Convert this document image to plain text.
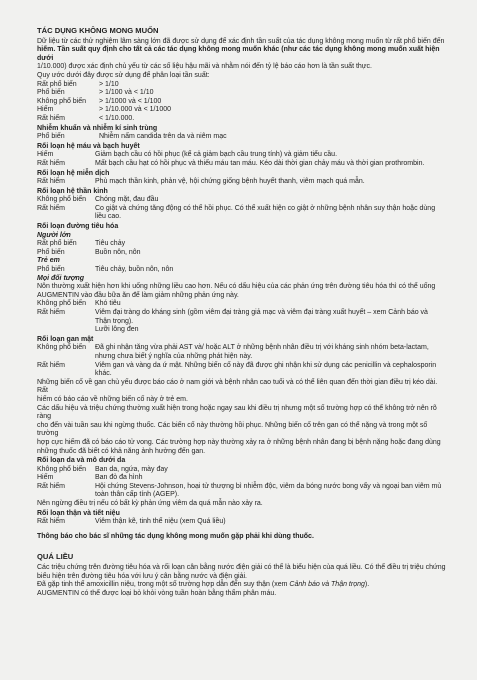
TÁC DỤNG KHÔNG MONG MUỐN
Dữ liệu từ các thử nghiệm lâm sàng lớn đã được sử dụng để xác định tần suất của tác dụng không mong muốn từ rất phổ biến đến
hiếm. Tần suất quy định cho tất cả các tác dụng không mong muốn khác (như các tác dụng không mong muốn xuất hiện dưới
1/10.000) được xác định chủ yếu từ các số liệu hậu mãi và nhằm nói đến tỷ lệ báo cáo hơn là tần suất thực.
Quy ước dưới đây được sử dụng để phân loại tần suất:
Rất phổ biến	> 1/10
Phổ biến	> 1/100 và < 1/10
Không phổ biến	> 1/1000 và < 1/100
Hiếm	> 1/10.000 và < 1/1000
Rất hiếm	< 1/10.000.
Nhiễm khuẩn và nhiễm kí sinh trùng
Phổ biến	Nhiễm nấm candida trên da và niêm mạc
Rối loạn hệ máu và bạch huyết
Hiếm	Giảm bạch cầu có hồi phục (kể cả giảm bạch cầu trung tính) và giảm tiểu cầu.
Rất hiếm	Mất bạch cầu hạt có hồi phục và thiếu máu tan máu. Kéo dài thời gian chảy máu và thời gian prothrombin.
Rối loạn hệ miễn dịch
Rất hiếm	Phù mạch thần kinh, phản vệ, hội chứng giống bệnh huyết thanh, viêm mạch quá mẫn.
Rối loạn hệ thần kinh
Không phổ biến	Chóng mặt, đau đầu
Rất hiếm	Co giật và chứng tăng động có thể hồi phục. Có thể xuất hiện co giật ở những bệnh nhân suy thận hoặc dùng
liều cao.
Rối loạn đường tiêu hóa
Người lớn
Rất phổ biến	Tiêu chảy
Phổ biến	Buồn nôn, nôn
Trẻ em
Phổ biến	Tiêu chảy, buồn nôn, nôn
Mọi đối tượng
Nôn thường xuất hiện hơn khi uống những liều cao hơn. Nếu có dấu hiệu của các phản ứng trên đường tiêu hóa thì có thể uống
AUGMENTIN vào đầu bữa ăn để làm giảm những phản ứng này.
Không phổ biến	Khó tiêu
Rất hiếm	Viêm đại tràng do kháng sinh (gồm viêm đại tràng giả mạc và viêm đại tràng xuất huyết – xem Cảnh báo và
Thận trọng).
Lưỡi lông đen
Rối loạn gan mật
Không phổ biến	Đã ghi nhận tăng vừa phải AST và/ hoặc ALT ở những bệnh nhân điều trị với kháng sinh nhóm beta-lactam,
nhưng chưa biết ý nghĩa của những phát hiện này.
Rất hiếm	Viêm gan và vàng da ứ mật. Những biến cố này đã được ghi nhận khi sử dụng các penicillin và cephalosporin
khác.
Những biến cố về gan chủ yếu được báo cáo ở nam giới và bệnh nhân cao tuổi và có thể liên quan đến thời gian điều trị kéo dài. Rất
hiếm có báo cáo về những biến cố này ở trẻ em.
Các dấu hiệu và triệu chứng thường xuất hiện trong hoặc ngay sau khi điều trị nhưng một số trường hợp có thể không trở nên rõ ràng
cho đến vài tuần sau khi ngừng thuốc. Các biến cố này thường hồi phục. Những biến cố trên gan có thể nặng và trong một số trường
hợp cực hiếm đã có báo cáo tử vong. Các trường hợp này thường xảy ra ở những bệnh nhân đang bị bệnh nặng hoặc đang dùng
những thuốc đã biết có khả năng ảnh hưởng đến gan.
Rối loạn da và mô dưới da
Không phổ biến	Ban da, ngứa, mày đay
Hiếm	Ban đỏ đa hình
Rất hiếm	Hội chứng Stevens-Johnson, hoại tử thượng bì nhiễm độc, viêm da bóng nước bong vẩy và ngoại ban viêm mủ
toàn thân cấp tính (AGEP).
Nên ngừng điều trị nếu có bất kỳ phản ứng viêm da quá mẫn nào xảy ra.
Rối loạn thận và tiết niệu
Rất hiếm	Viêm thận kẽ, tinh thể niệu (xem Quá liều)
Thông báo cho bác sĩ những tác dụng không mong muốn gặp phải khi dùng thuốc.
QUÁ LIỀU
Các triệu chứng trên đường tiêu hóa và rối loạn cân bằng nước điện giải có thể là biểu hiện của quá liều. Có thể điều trị triệu chứng
biểu hiện trên đường tiêu hóa với lưu ý cân bằng nước và điện giải.
Đã gặp tinh thể amoxicillin niệu, trong một số trường hợp dẫn đến suy thận (xem Cảnh báo và Thận trọng).
AUGMENTIN có thể được loại bỏ khỏi vòng tuần hoàn bằng thẩm phân máu.
